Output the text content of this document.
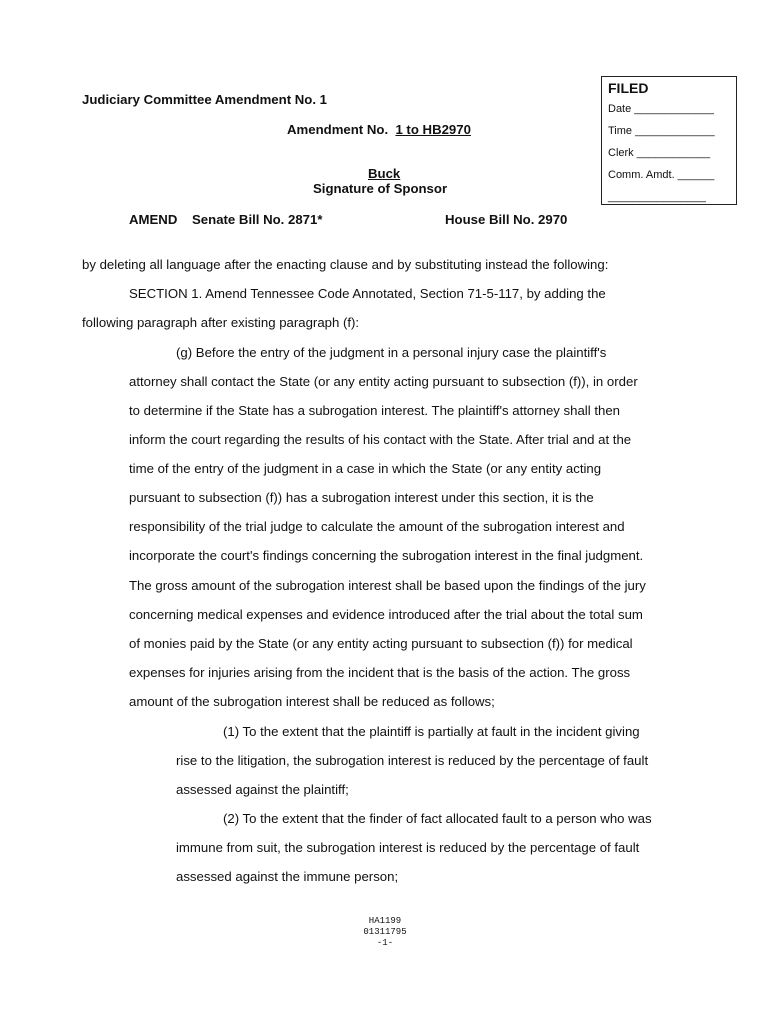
FILED
Date _____________
Time _____________
Clerk ____________
Comm. Amdt. ______
________________
Judiciary Committee Amendment No. 1
Amendment No. 1 to HB2970
Buck
Signature of Sponsor
AMEND    Senate Bill No. 2871*	House Bill No. 2970
by deleting all language after the enacting clause and by substituting instead the following:
SECTION 1. Amend Tennessee Code Annotated, Section 71-5-117, by adding the
following paragraph after existing paragraph (f):
(g) Before the entry of the judgment in a personal injury case the plaintiff's
attorney shall contact the State (or any entity acting pursuant to subsection (f)), in order
to determine if the State has a subrogation interest. The plaintiff's attorney shall then
inform the court regarding the results of his contact with the State. After trial and at the
time of the entry of the judgment in a case in which the State (or any entity acting
pursuant to subsection (f)) has a subrogation interest under this section, it is the
responsibility of the trial judge to calculate the amount of the subrogation interest and
incorporate the court's findings concerning the subrogation interest in the final judgment.
The gross amount of the subrogation interest shall be based upon the findings of the jury
concerning medical expenses and evidence introduced after the trial about the total sum
of monies paid by the State (or any entity acting pursuant to subsection (f)) for medical
expenses for injuries arising from the incident that is the basis of the action. The gross
amount of the subrogation interest shall be reduced as follows;
(1) To the extent that the plaintiff is partially at fault in the incident giving
rise to the litigation, the subrogation interest is reduced by the percentage of fault
assessed against the plaintiff;
(2) To the extent that the finder of fact allocated fault to a person who was
immune from suit, the subrogation interest is reduced by the percentage of fault
assessed against the immune person;
HA1199
01311795
-1-
